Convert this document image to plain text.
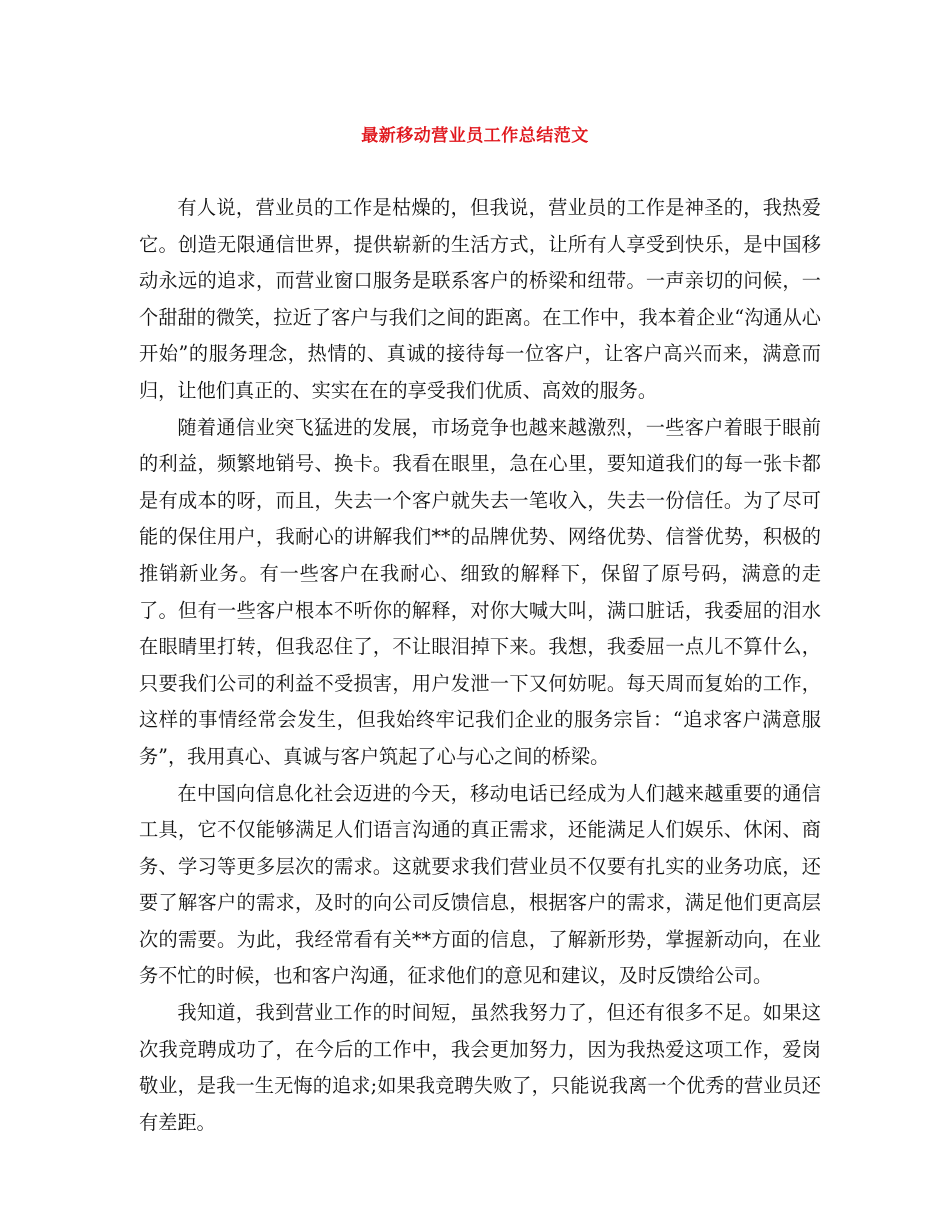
最新移动营业员工作总结范文

有人说，营业员的工作是枯燥的，但我说，营业员的工作是神圣的，我热爱它。创造无限通信世界，提供崭新的生活方式，让所有人享受到快乐，是中国移动永远的追求，而营业窗口服务是联系客户的桥梁和纽带。一声亲切的问候，一个甜甜的微笑，拉近了客户与我们之间的距离。在工作中，我本着企业“沟通从心开始”的服务理念，热情的、真诚的接待每一位客户，让客户高兴而来，满意而归，让他们真正的、实实在在的享受我们优质、高效的服务。

随着通信业突飞猛进的发展，市场竞争也越来越激烈，一些客户着眼于眼前的利益，频繁地销号、换卡。我看在眼里，急在心里，要知道我们的每一张卡都是有成本的呀，而且，失去一个客户就失去一笔收入，失去一份信任。为了尽可能的保住用户，我耐心的讲解我们**的品牌优势、网络优势、信誉优势，积极的推销新业务。有一些客户在我耐心、细致的解释下，保留了原号码，满意的走了。但有一些客户根本不听你的解释，对你大喊大叫，满口脏话，我委屈的泪水在眼睛里打转，但我忍住了，不让眼泪掉下来。我想，我委屈一点儿不算什么，只要我们公司的利益不受损害，用户发泄一下又何妨呢。每天周而复始的工作，这样的事情经常会发生，但我始终牢记我们企业的服务宗旨：“追求客户满意服务”，我用真心、真诚与客户筑起了心与心之间的桥梁。

在中国向信息化社会迈进的今天，移动电话已经成为人们越来越重要的通信工具，它不仅能够满足人们语言沟通的真正需求，还能满足人们娱乐、休闲、商务、学习等更多层次的需求。这就要求我们营业员不仅要有扎实的业务功底，还要了解客户的需求，及时的向公司反馈信息，根据客户的需求，满足他们更高层次的需要。为此，我经常看有关**方面的信息，了解新形势，掌握新动向，在业务不忙的时候，也和客户沟通，征求他们的意见和建议，及时反馈给公司。

我知道，我到营业工作的时间短，虽然我努力了，但还有很多不足。如果这次我竞聘成功了，在今后的工作中，我会更加努力，因为我热爱这项工作，爱岗敬业，是我一生无悔的追求;如果我竞聘失败了，只能说我离一个优秀的营业员还有差距。
